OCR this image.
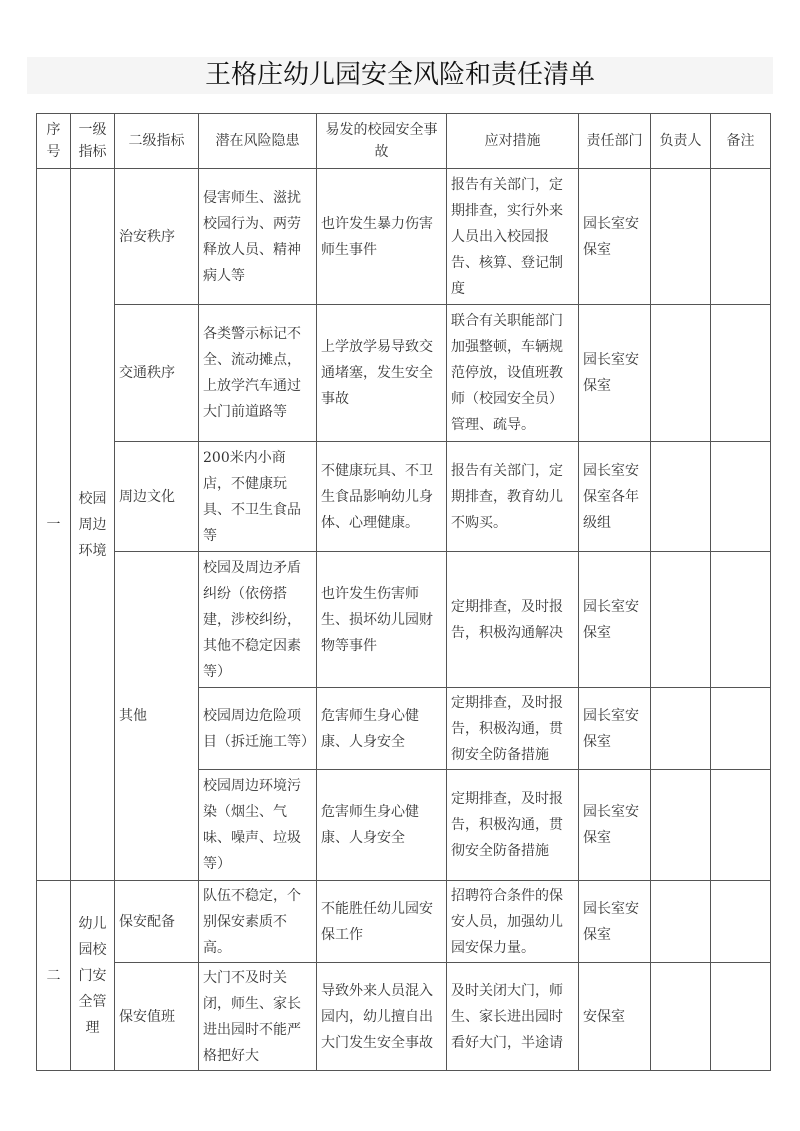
王格庄幼儿园安全风险和责任清单
序号	一级指标	二级指标	潜在风险隐患	易发的校园安全事故	应对措施	责任部门	负责人	备注
一	校园周边环境	治安秩序	侵害师生、滋扰校园行为、两劳释放人员、精神病人等	也许发生暴力伤害师生事件	报告有关部门，定期排查，实行外来人员出入校园报告、核算、登记制度	园长室安保室		
		交通秩序	各类警示标记不全、流动摊点，上放学汽车通过大门前道路等	上学放学易导致交通堵塞，发生安全事故	联合有关职能部门加强整顿，车辆规范停放，设值班教师（校园安全员）管理、疏导。	园长室安保室		
		周边文化	200米内小商店，不健康玩具、不卫生食品等	不健康玩具、不卫生食品影响幼儿身体、心理健康。	报告有关部门，定期排查，教育幼儿不购买。	园长室安保室各年级组		
		其他	校园及周边矛盾纠纷（依傍搭建，涉校纠纷，其他不稳定因素等）	也许发生伤害师生、损坏幼儿园财物等事件	定期排查，及时报告，积极沟通解决	园长室安保室		
			校园周边危险项目（拆迁施工等）	危害师生身心健康、人身安全	定期排查，及时报告，积极沟通，贯彻安全防备措施	园长室安保室		
			校园周边环境污染（烟尘、气味、噪声、垃圾等）	危害师生身心健康、人身安全	定期排查，及时报告，积极沟通，贯彻安全防备措施	园长室安保室		
二	幼儿园校门安全管理	保安配备	队伍不稳定，个别保安素质不高。	不能胜任幼儿园安保工作	招聘符合条件的保安人员，加强幼儿园安保力量。	园长室安保室		
		保安值班	大门不及时关闭，师生、家长进出园时不能严格把好大	导致外来人员混入园内，幼儿擅自出大门发生安全事故	及时关闭大门，师生、家长进出园时看好大门，半途请	安保室		
